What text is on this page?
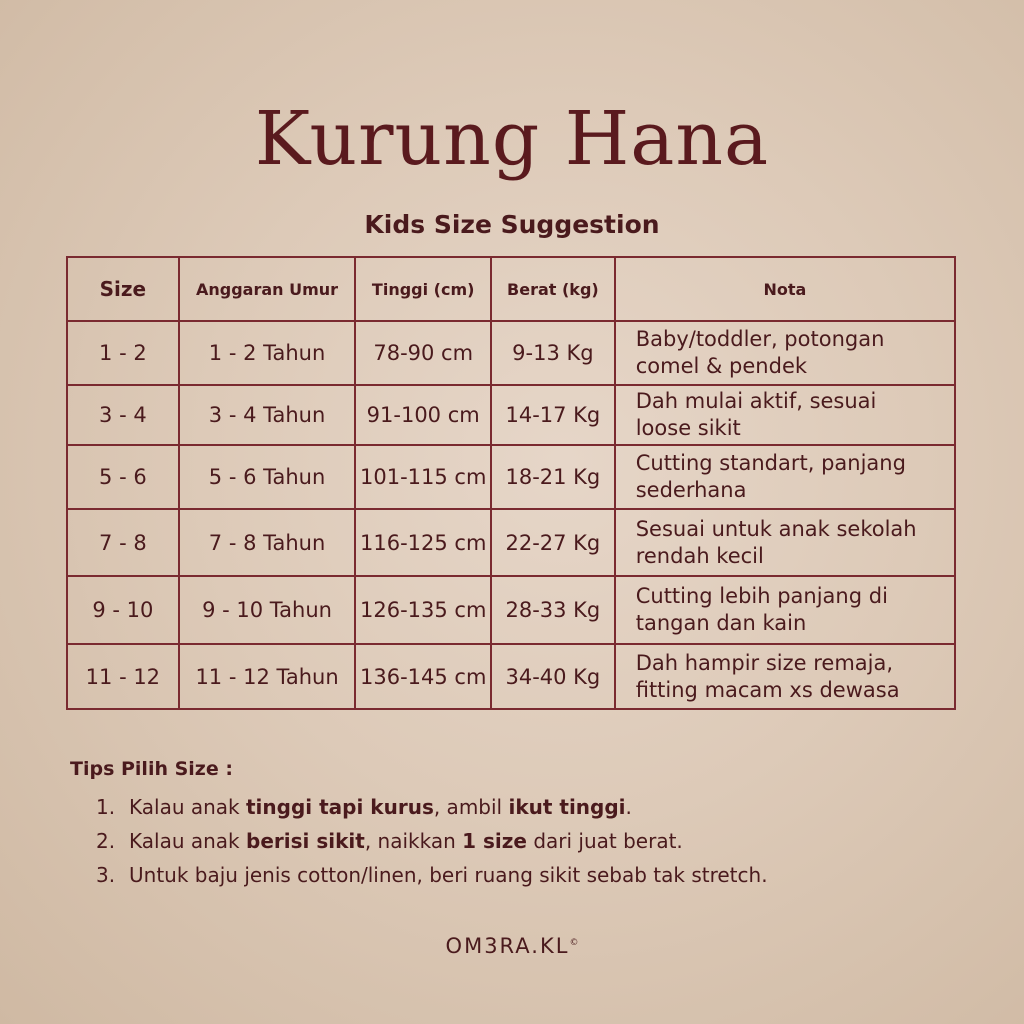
Kurung Hana
Kids Size Suggestion
Size	Anggaran Umur	Tinggi (cm)	Berat (kg)	Nota
1 - 2	1 - 2 Tahun	78-90 cm	9-13 Kg	Baby/toddler, potongan
comel & pendek

3 - 4	3 - 4 Tahun	91-100 cm	14-17 Kg	Dah mulai aktif, sesuai
loose sikit

5 - 6	5 - 6 Tahun	101-115 cm	18-21 Kg	Cutting standart, panjang
sederhana

7 - 8	7 - 8 Tahun	116-125 cm	22-27 Kg	Sesuai untuk anak sekolah
rendah kecil

9 - 10	9 - 10 Tahun	126-135 cm	28-33 Kg	Cutting lebih panjang di
tangan dan kain

11 - 12	11 - 12 Tahun	136-145 cm	34-40 Kg	Dah hampir size remaja,
fitting macam xs dewasa
Tips Pilih Size :
1. Kalau anak tinggi tapi kurus, ambil ikut tinggi.
2. Kalau anak berisi sikit, naikkan 1 size dari juat berat.
3. Untuk baju jenis cotton/linen, beri ruang sikit sebab tak stretch.
OM3RA.KL©
